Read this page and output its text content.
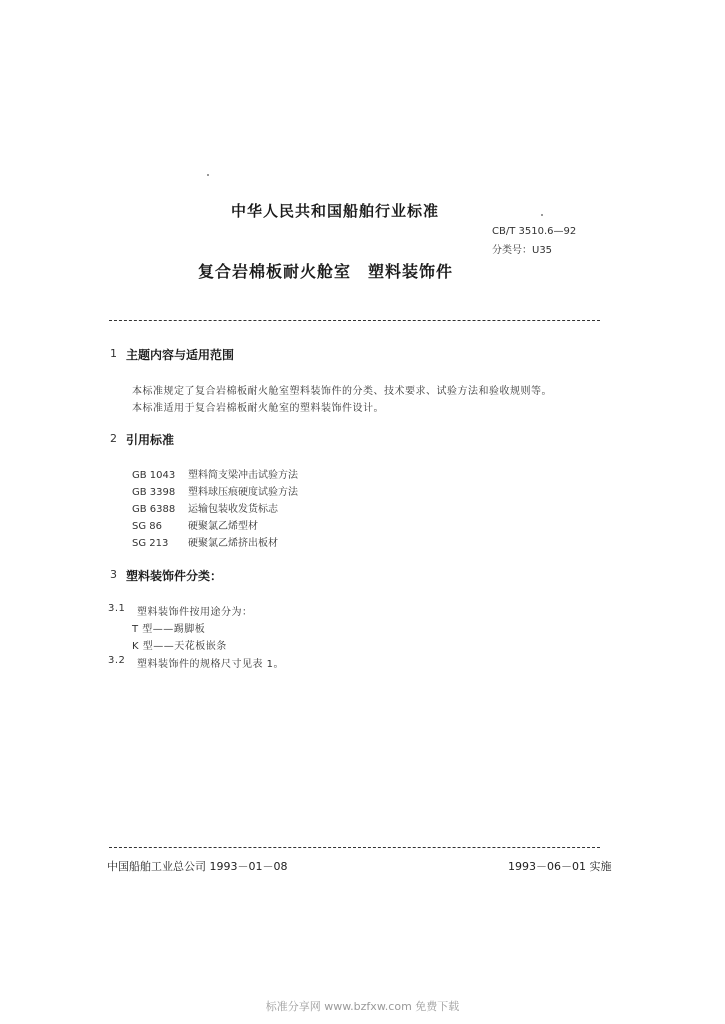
中华人民共和国船舶行业标准
CB/T 3510.6—92
分类号：U35
复合岩棉板耐火舱室　塑料装饰件
1 主题内容与适用范围
本标准规定了复合岩棉板耐火舱室塑料装饰件的分类、技术要求、试验方法和验收规则等。
本标准适用于复合岩棉板耐火舱室的塑料装饰件设计。
2 引用标准
GB 1043 塑料简支梁冲击试验方法
GB 3398 塑料球压痕硬度试验方法
GB 6388 运输包装收发货标志
SG 86	硬聚氯乙烯型材
SG 213 硬聚氯乙烯挤出板材
3 塑料装饰件分类：
3.1 塑料装饰件按用途分为：
T 型——踢脚板
K 型——天花板嵌条
3.2 塑料装饰件的规格尺寸见表 1。
中国船舶工业总公司 1993－01－08	1993－06－01 实施
标准分享网 www.bzfxw.com 免费下载
